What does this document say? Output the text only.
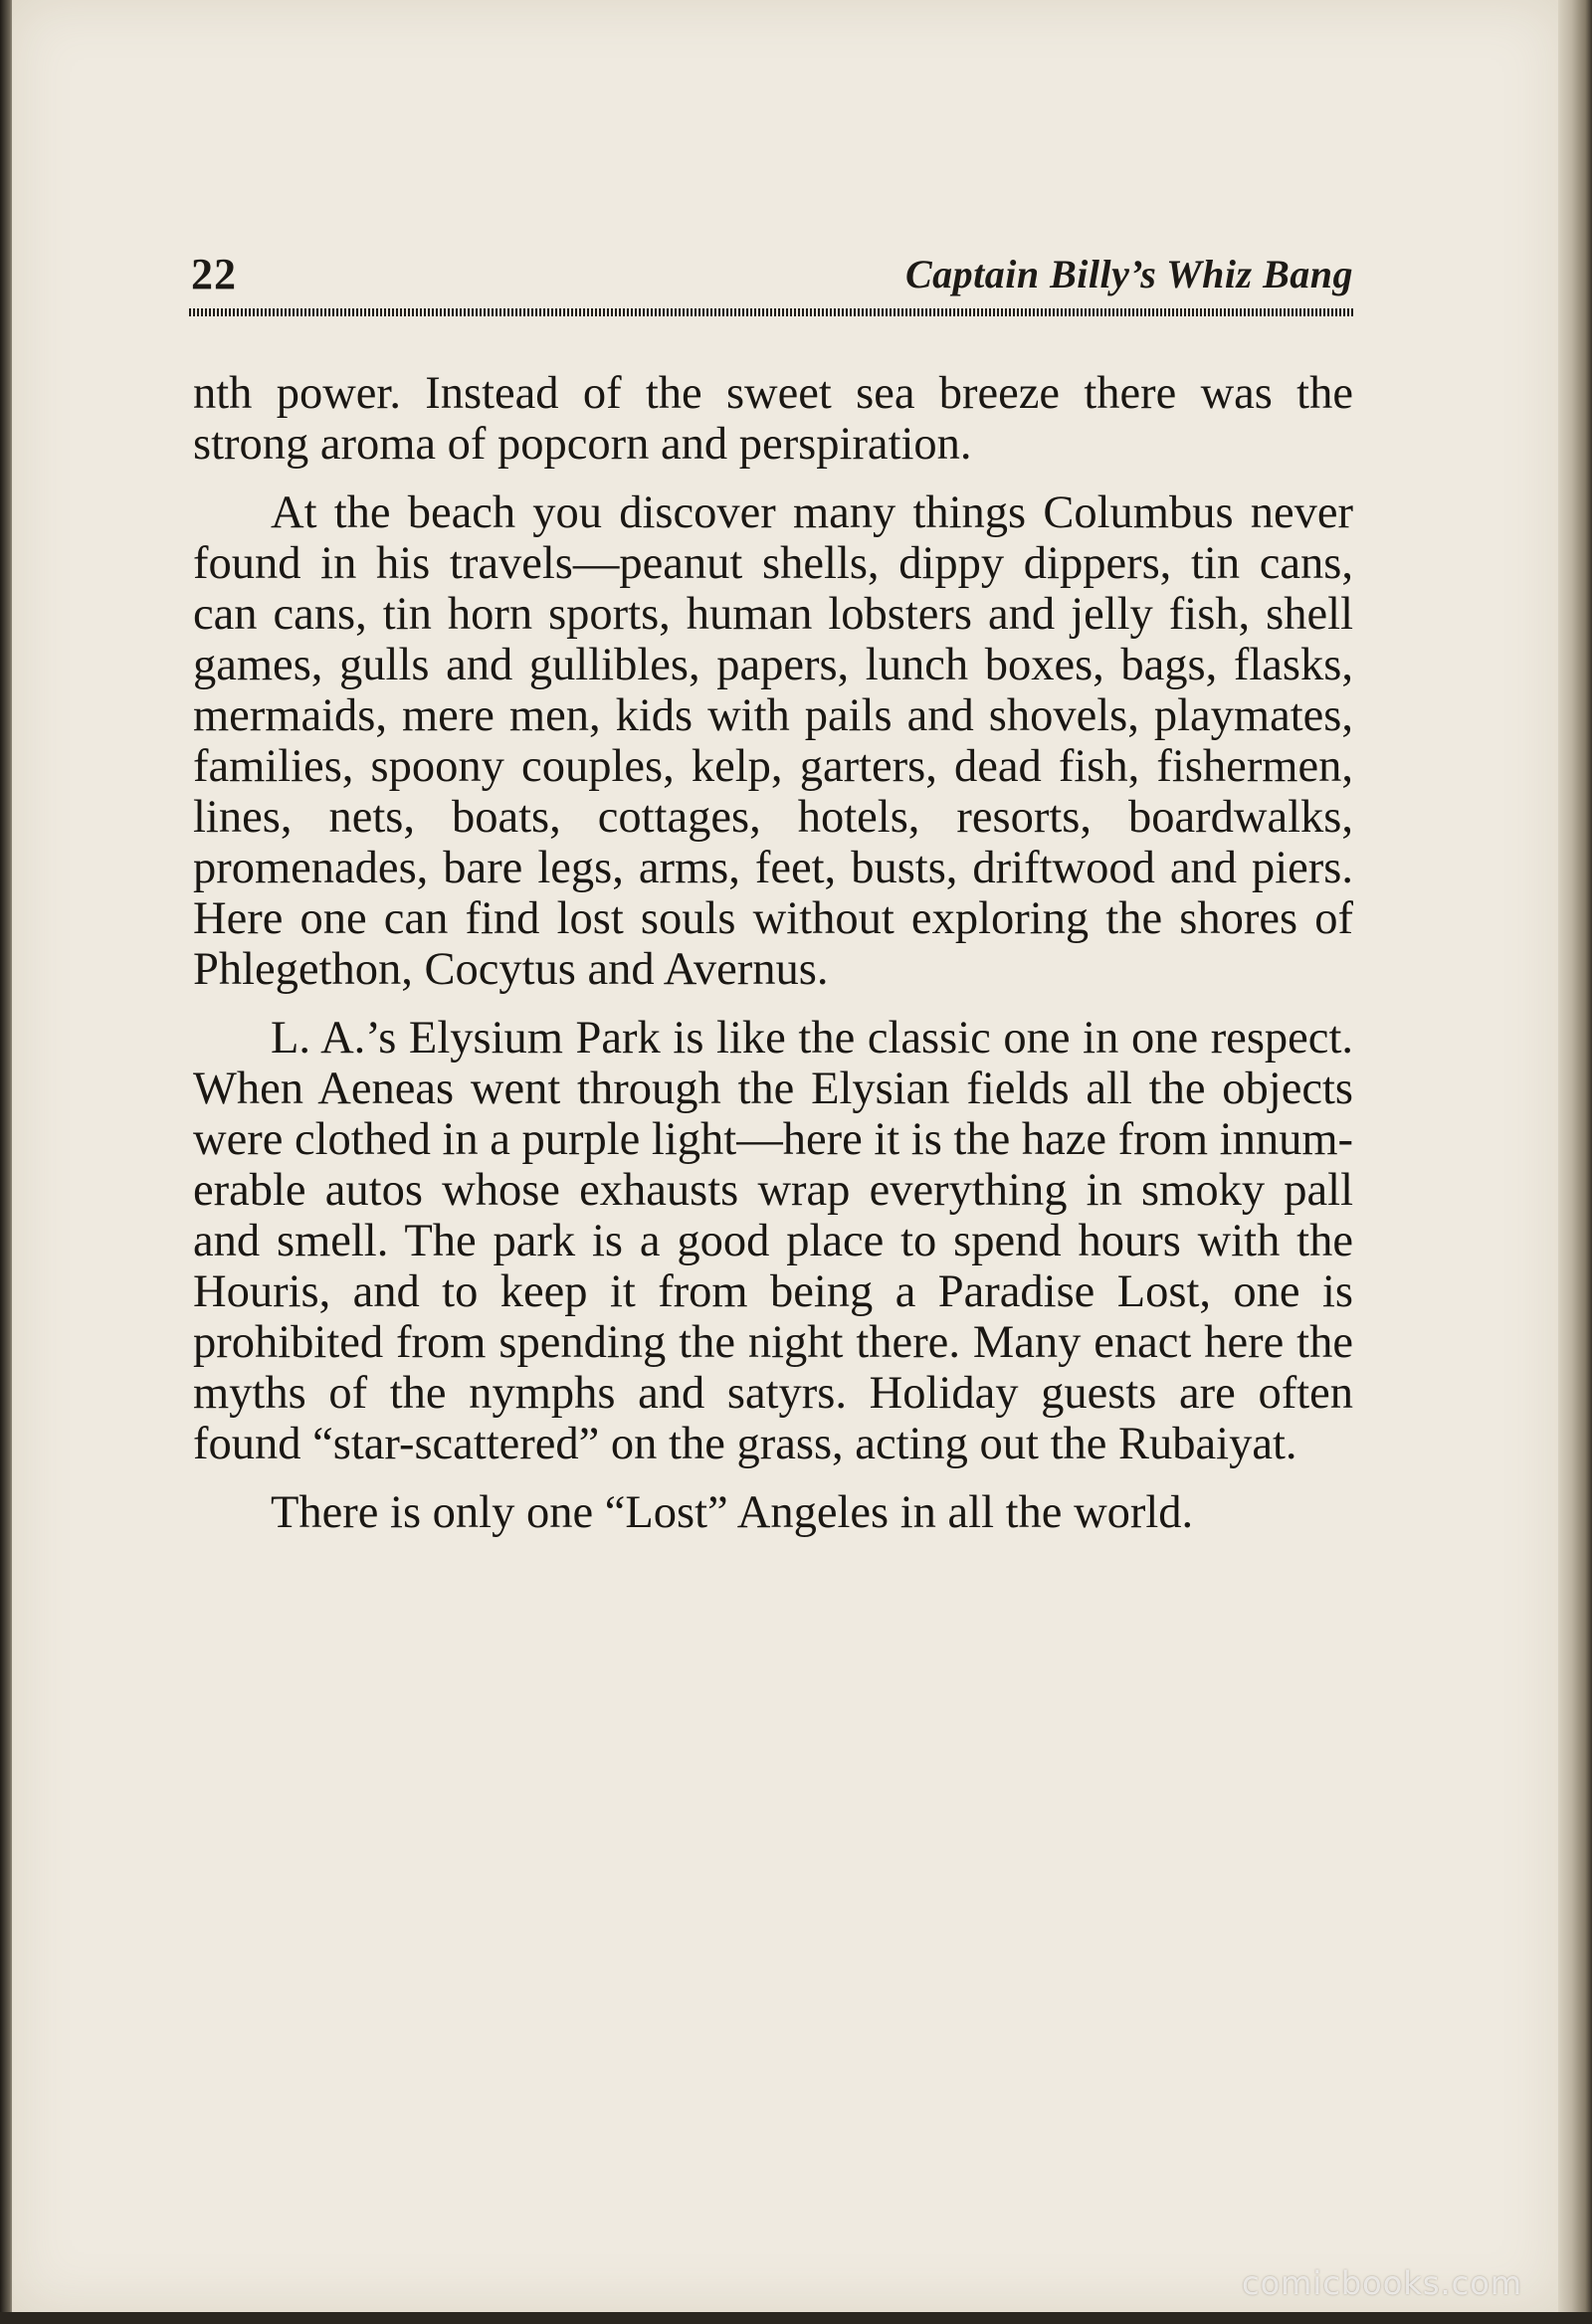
22	Captain Billy’s Whiz Bang

nth power. Instead of the sweet sea breeze there was the strong aroma of popcorn and perspiration.

At the beach you discover many things Columbus never found in his travels—peanut shells, dippy dippers, tin cans, can cans, tin horn sports, human lobsters and jelly fish, shell games, gulls and gullibles, papers, lunch boxes, bags, flasks, mermaids, mere men, kids with pails and shovels, playmates, families, spoony couples, kelp, garters, dead fish, fishermen, lines, nets, boats, cottages, hotels, resorts, boardwalks, promenades, bare legs, arms, feet, busts, driftwood and piers. Here one can find lost souls without exploring the shores of Phlegethon, Cocytus and Avernus.

L. A.’s Elysium Park is like the classic one in one respect. When Aeneas went through the Elysian fields all the objects were clothed in a purple light—here it is the haze from innumerable autos whose exhausts wrap everything in smoky pall and smell. The park is a good place to spend hours with the Houris, and to keep it from being a Paradise Lost, one is prohibited from spending the night there. Many enact here the myths of the nymphs and satyrs. Holiday guests are often found “star-scattered” on the grass, acting out the Rubaiyat.

There is only one “Lost” Angeles in all the world.

comicbooks.com
